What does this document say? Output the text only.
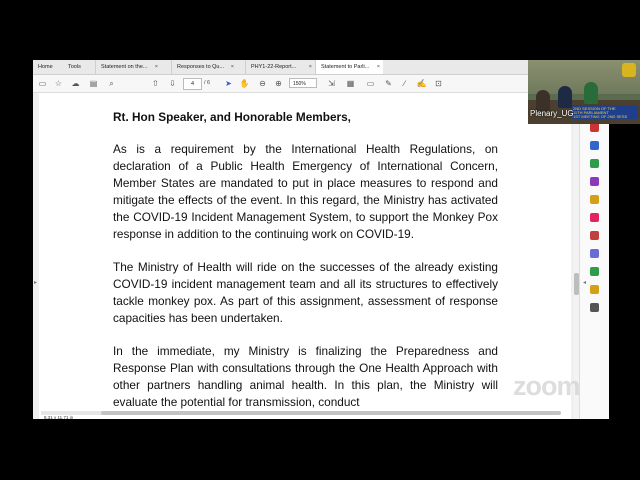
Home	Tools	Statement on the... ×	Responses to Qu... ×	PHY1-22-Report... ×	Statement to Parli... ×
▭ ☆ ☁ ▤	⌕	⇧ ⇩	4	/ 6 ➤ ✋ ⊖ ⊕	150%	⇲ ▦ ▭ ✎	∕	✍ ⊡

Rt. Hon Speaker, and Honorable Members,

As is a requirement by the International Health Regulations, on declaration of a Public Health Emergency of International Concern, Member States are mandated to put in place measures to respond and mitigate the effects of the event. In this regard, the Ministry has activated the COVID-19 Incident Management System, to support the Monkey Pox response in addition to the continuing work on COVID-19.

The Ministry of Health will ride on the successes of the already existing COVID-19 incident management team and all its structures to effectively tackle monkey pox. As part of this assignment, assessment of response capacities has been undertaken.

In the immediate, my Ministry is finalizing the Preparedness and Response Plan with consultations through the One Health Approach with other partners handling animal health. In this plan, the Ministry will evaluate the potential for transmission, conduct

▸
8.31 x 11.71 in
◂
2ND SESSION OF THE
11TH PARLIAMENT
1ST MEETING OF 2ND SESS
Plenary_UG
zoom
